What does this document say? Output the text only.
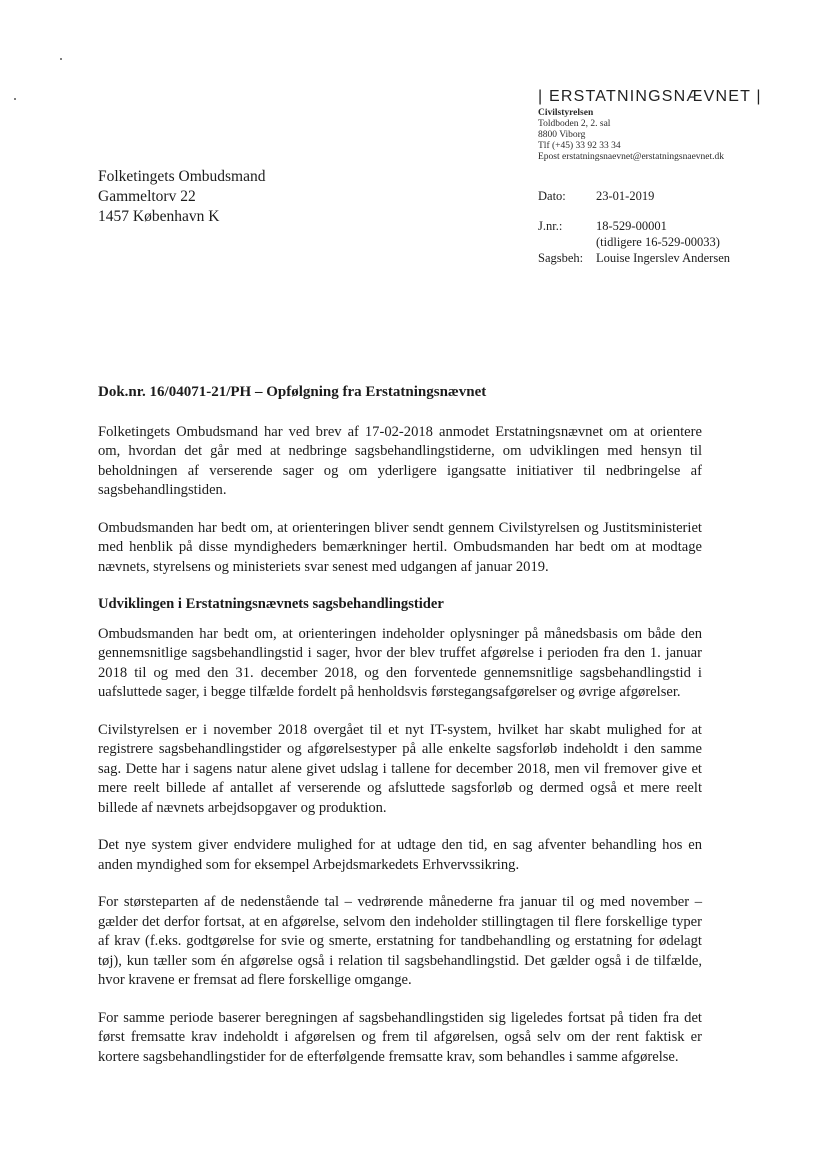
| ERSTATNINGSNÆVNET |
Civilstyrelsen
Toldboden 2, 2. sal
8800 Viborg
Tlf (+45) 33 92 33 34
Epost erstatningsnaevnet@erstatningsnaevnet.dk
Folketingets Ombudsmand
Gammeltorv 22
1457 København K
Dato:	23-01-2019
J.nr.:	18-529-00001
(tidligere 16-529-00033)
Sagsbeh:	Louise Ingerslev Andersen
Dok.nr. 16/04071-21/PH – Opfølgning fra Erstatningsnævnet

Folketingets Ombudsmand har ved brev af 17-02-2018 anmodet Erstatningsnævnet om at orientere om, hvordan det går med at nedbringe sagsbehandlingstiderne, om udviklingen med hensyn til beholdningen af verserende sager og om yderligere igangsatte initiativer til nedbringelse af sagsbehandlingstiden.

Ombudsmanden har bedt om, at orienteringen bliver sendt gennem Civilstyrelsen og Justitsministeriet med henblik på disse myndigheders bemærkninger hertil. Ombudsmanden har bedt om at modtage nævnets, styrelsens og ministeriets svar senest med udgangen af januar 2019.

Udviklingen i Erstatningsnævnets sagsbehandlingstider

Ombudsmanden har bedt om, at orienteringen indeholder oplysninger på månedsbasis om både den gennemsnitlige sagsbehandlingstid i sager, hvor der blev truffet afgørelse i perioden fra den 1. januar 2018 til og med den 31. december 2018, og den forventede gennemsnitlige sagsbehandlingstid i uafsluttede sager, i begge tilfælde fordelt på henholdsvis førstegangsafgørelser og øvrige afgørelser.

Civilstyrelsen er i november 2018 overgået til et nyt IT-system, hvilket har skabt mulighed for at registrere sagsbehandlingstider og afgørelsestyper på alle enkelte sagsforløb indeholdt i den samme sag. Dette har i sagens natur alene givet udslag i tallene for december 2018, men vil fremover give et mere reelt billede af antallet af verserende og afsluttede sagsforløb og dermed også et mere reelt billede af nævnets arbejdsopgaver og produktion.

Det nye system giver endvidere mulighed for at udtage den tid, en sag afventer behandling hos en anden myndighed som for eksempel Arbejdsmarkedets Erhvervssikring.

For størsteparten af de nedenstående tal – vedrørende månederne fra januar til og med november – gælder det derfor fortsat, at en afgørelse, selvom den indeholder stillingtagen til flere forskellige typer af krav (f.eks. godtgørelse for svie og smerte, erstatning for tandbehandling og erstatning for ødelagt tøj), kun tæller som én afgørelse også i relation til sagsbehandlingstid. Det gælder også i de tilfælde, hvor kravene er fremsat ad flere forskellige omgange.

For samme periode baserer beregningen af sagsbehandlingstiden sig ligeledes fortsat på tiden fra det først fremsatte krav indeholdt i afgørelsen og frem til afgørelsen, også selv om der rent faktisk er kortere sagsbehandlingstider for de efterfølgende fremsatte krav, som behandles i samme afgørelse.
